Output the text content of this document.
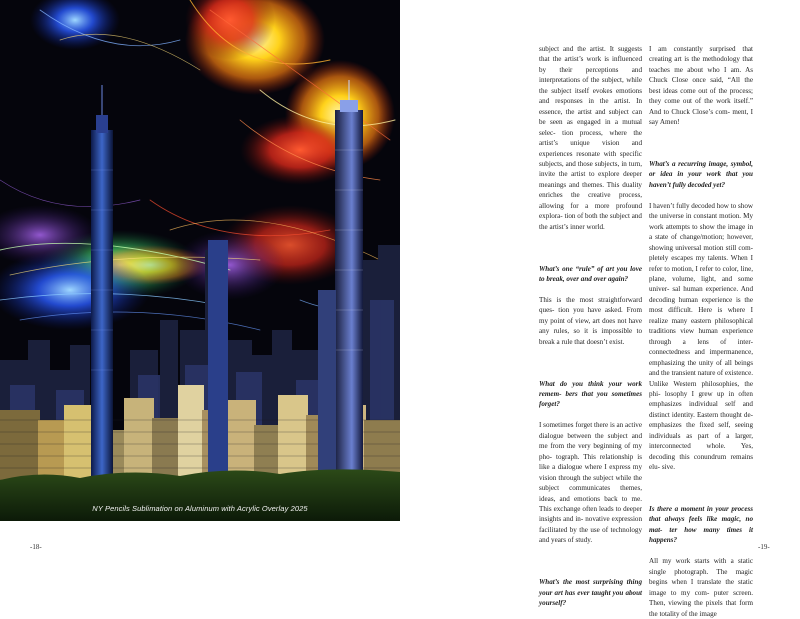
NY Pencils Sublimation on Aluminum with Acrylic Overlay 2025
-18-	-19-

subject and the artist. It suggests that the artist’s work is influenced by their perceptions and interpretations of the subject, while the subject itself evokes emotions and responses in the artist. In essence, the artist and subject can be seen as engaged in a mutual selec- tion process, where the artist’s unique vision and experiences resonate with specific subjects, and those subjects, in turn, invite the artist to explore deeper meanings and themes. This duality enriches the creative process, allowing for a more profound explora- tion of both the subject and the artist’s inner world.

What’s one “rule” of art you love to break, over and over again?

This is the most straightforward ques- tion you have asked. From my point of view, art does not have any rules, so it is impossible to break a rule that doesn’t exist.

What do you think your work remem- bers that you sometimes forget?

I sometimes forget there is an active dialogue between the subject and me from the very beginning of my pho- tograph. This relationship is like a dialogue where I express my vision through the subject while the subject communicates themes, ideas, and emotions back to me. This exchange often leads to deeper insights and in- novative expression facilitated by the use of technology and years of study.

What’s the most surprising thing your art has ever taught you about yourself?

I am constantly surprised that creating art is the methodology that teaches me about who I am. As Chuck Close once said, “All the best ideas come out of the process; they come out of the work itself.” And to Chuck Close’s com- ment, I say Amen!

What’s a recurring image, symbol, or idea in your work that you haven’t fully decoded yet?

I haven’t fully decoded how to show the universe in constant motion. My work attempts to show the image in a state of change/motion; however, showing universal motion still com- pletely escapes my talents. When I refer to motion, I refer to color, line, plane, volume, light, and some univer- sal human experience. And decoding human experience is the most difficult. Here is where I realize many eastern philosophical traditions view human experience through a lens of inter- connectedness and impermanence, emphasizing the unity of all beings and the transient nature of existence. Unlike Western philosophies, the phi- losophy I grew up in often emphasizes individual self and distinct identity. Eastern thought de-emphasizes the fixed self, seeing individuals as part of a larger, interconnected whole. Yes, decoding this conundrum remains elu- sive.

Is there a moment in your process that always feels like magic, no mat- ter how many times it happens?

All my work starts with a static single photograph. The magic begins when I translate the static image to my com- puter screen. Then, viewing the pixels that form the totality of the image
